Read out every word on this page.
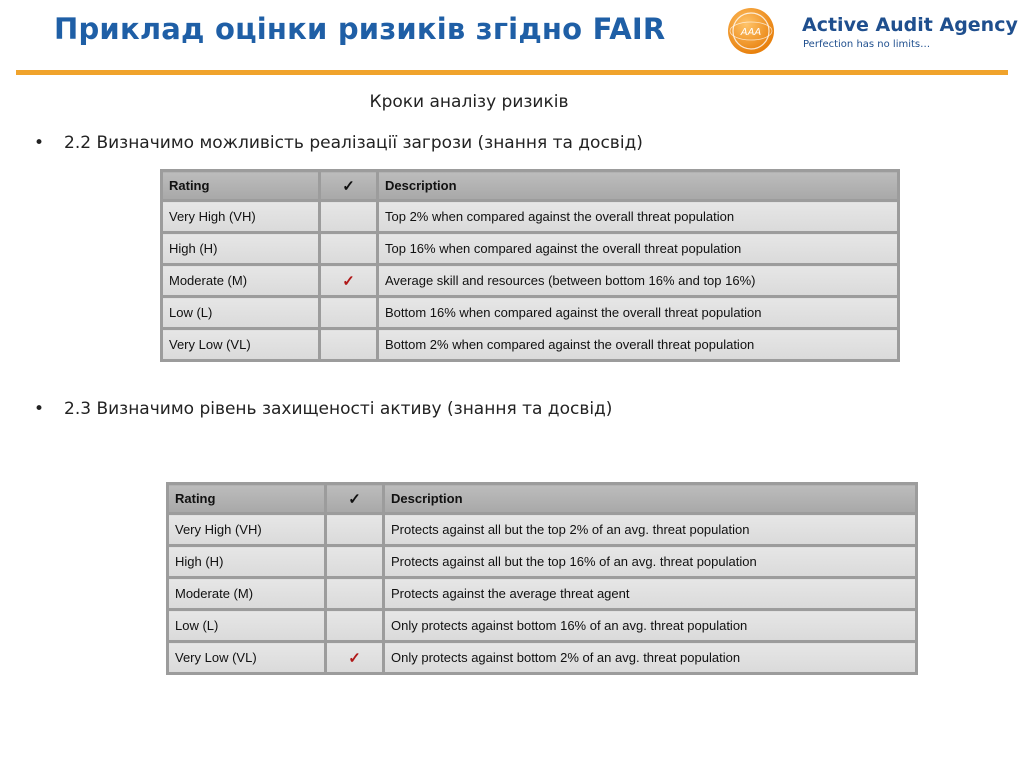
Приклад оцінки ризиків згідно FAIR	AAA Active Audit Agency
Perfection has no limits…
Кроки аналізу ризиків
• 2.2 Визначимо можливість реалізації загрози (знання та досвід)
Rating	✓	Description
Very High (VH)		Top 2% when compared against the overall threat population
High (H)		Top 16% when compared against the overall threat population
Moderate (M)	✓	Average skill and resources (between bottom 16% and top 16%)
Low (L)		Bottom 16% when compared against the overall threat population
Very Low (VL)		Bottom 2% when compared against the overall threat population
• 2.3 Визначимо рівень захищеності активу (знання та досвід)
Rating	✓	Description
Very High (VH)		Protects against all but the top 2% of an avg. threat population
High (H)		Protects against all but the top 16% of an avg. threat population
Moderate (M)		Protects against the average threat agent
Low (L)		Only protects against bottom 16% of an avg. threat population
Very Low (VL)	✓	Only protects against bottom 2% of an avg. threat population
